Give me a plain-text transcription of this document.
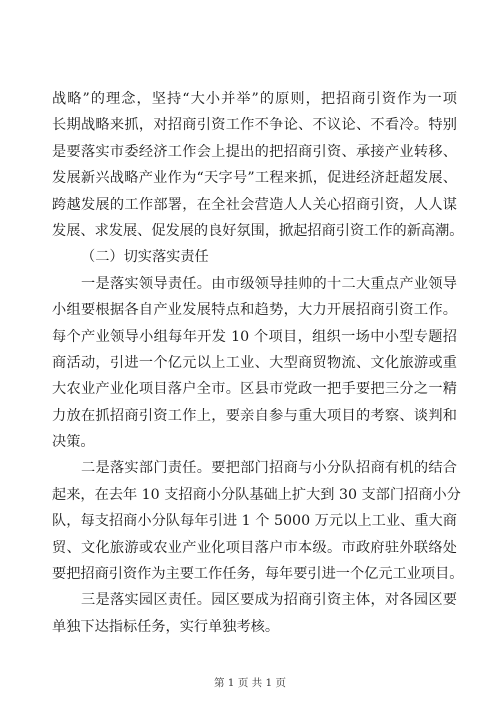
战略”的理念，坚持“大小并举”的原则，把招商引资作为一项
长期战略来抓，对招商引资工作不争论、不议论、不看冷。特别
是要落实市委经济工作会上提出的把招商引资、承接产业转移、
发展新兴战略产业作为“天字号”工程来抓，促进经济赶超发展、
跨越发展的工作部署，在全社会营造人人关心招商引资，人人谋
发展、求发展、促发展的良好氛围，掀起招商引资工作的新高潮。
（二）切实落实责任
一是落实领导责任。由市级领导挂帅的十二大重点产业领导
小组要根据各自产业发展特点和趋势，大力开展招商引资工作。
每个产业领导小组每年开发 10 个项目，组织一场中小型专题招
商活动，引进一个亿元以上工业、大型商贸物流、文化旅游或重
大农业产业化项目落户全市。区县市党政一把手要把三分之一精
力放在抓招商引资工作上，要亲自参与重大项目的考察、谈判和
决策。
二是落实部门责任。要把部门招商与小分队招商有机的结合
起来，在去年 10 支招商小分队基础上扩大到 30 支部门招商小分
队，每支招商小分队每年引进 1 个 5000 万元以上工业、重大商
贸、文化旅游或农业产业化项目落户市本级。市政府驻外联络处
要把招商引资作为主要工作任务，每年要引进一个亿元工业项目。
三是落实园区责任。园区要成为招商引资主体，对各园区要
单独下达指标任务，实行单独考核。
第 1 页 共 1 页
